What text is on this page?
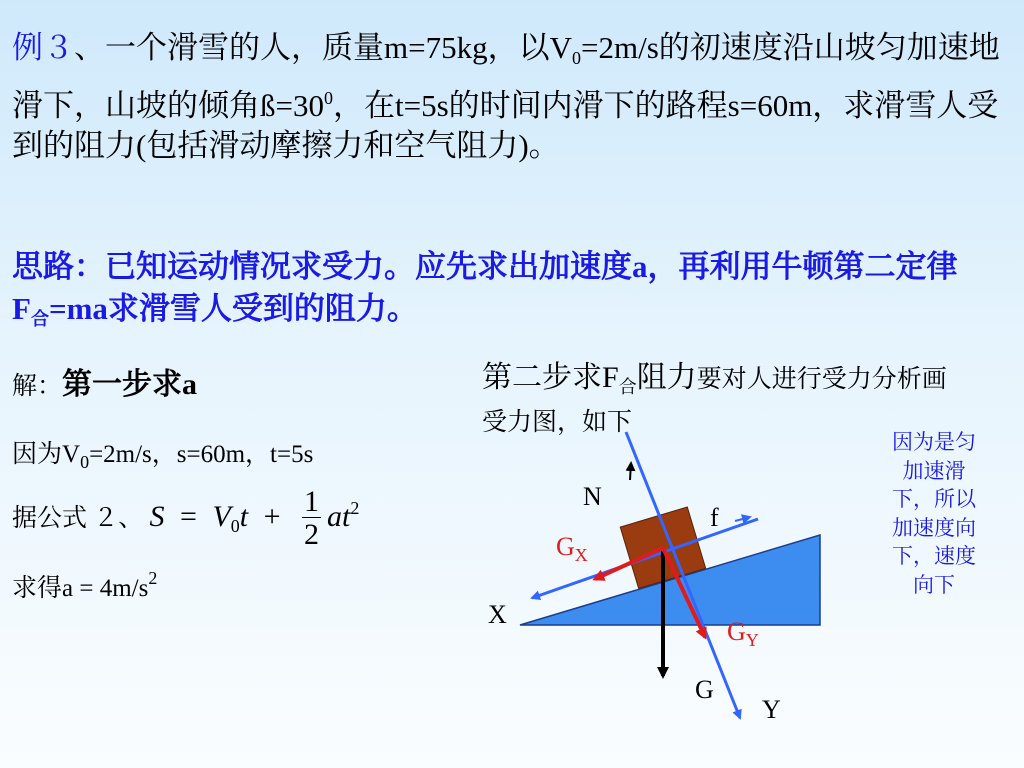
例３、一个滑雪的人，质量m=75kg，以$V_0=2m/s$的初速度沿山坡匀加速地滑下，山坡的倾角$ß=30^0$，在t=5s的时间内滑下的路程s=60m，求滑雪人受到的阻力(包括滑动摩擦力和空气阻力)。
思路：已知运动情况求受力。应先求出加速度a，再利用牛顿第二定律$F_合=ma$求滑雪人受到的阻力。
解：第一步求a
因为$V_0=2m/s$，s=60m，t=5s
据公式 ２、 $S = V_0t + \frac{1}{2} at^2$
求得$a = 4m/s^2$
第二步求$F_合$阻力要对人进行受力分析画受力图，如下
因为是匀加速滑下，所以加速度向下，速度向下
N
f
$G_X$
$G_Y$
G
X
Y
